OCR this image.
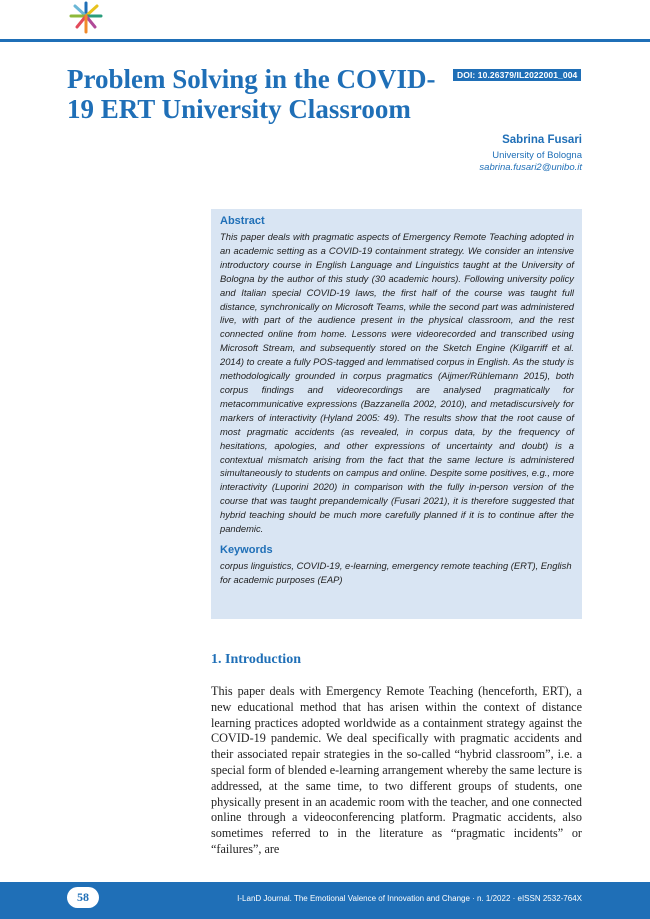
Problem Solving in the COVID-19 ERT University Classroom
DOI: 10.26379/IL2022001_004
Sabrina Fusari
University of Bologna
sabrina.fusari2@unibo.it
Abstract

This paper deals with pragmatic aspects of Emergency Remote Teaching adopted in an academic setting as a COVID-19 containment strategy. We consider an intensive introductory course in English Language and Linguistics taught at the University of Bologna by the author of this study (30 academic hours). Following university policy and Italian special COVID-19 laws, the first half of the course was taught full distance, synchronically on Microsoft Teams, while the second part was administered live, with part of the audience present in the physical classroom, and the rest connected online from home. Lessons were videorecorded and transcribed using Microsoft Stream, and subsequently stored on the Sketch Engine (Kilgarriff et al. 2014) to create a fully POS-tagged and lemmatised corpus in English. As the study is methodologically grounded in corpus pragmatics (Aijmer/Rühlemann 2015), both corpus findings and videorecordings are analysed pragmatically for metacommunicative expressions (Bazzanella 2002, 2010), and metadiscursively for markers of interactivity (Hyland 2005: 49). The results show that the root cause of most pragmatic accidents (as revealed, in corpus data, by the frequency of hesitations, apologies, and other expressions of uncertainty and doubt) is a contextual mismatch arising from the fact that the same lecture is administered simultaneously to students on campus and online. Despite some positives, e.g., more interactivity (Luporini 2020) in comparison with the fully in-person version of the course that was taught prepandemically (Fusari 2021), it is therefore suggested that hybrid teaching should be much more carefully planned if it is to continue after the pandemic.

Keywords

corpus linguistics, COVID-19, e-learning, emergency remote teaching (ERT), English for academic purposes (EAP)

1. Introduction

This paper deals with Emergency Remote Teaching (henceforth, ERT), a new educational method that has arisen within the context of distance learning practices adopted worldwide as a containment strategy against the COVID-19 pandemic. We deal specifically with pragmatic accidents and their associated repair strategies in the so-called “hybrid classroom”, i.e. a special form of blended e-learning arrangement whereby the same lecture is addressed, at the same time, to two different groups of students, one physically present in an academic room with the teacher, and one connected online through a videoconferencing platform. Pragmatic accidents, also sometimes referred to in the literature as “pragmatic incidents” or “failures”, are

58	I-LanD Journal. The Emotional Valence of Innovation and Change · n. 1/2022 · eISSN 2532-764X
